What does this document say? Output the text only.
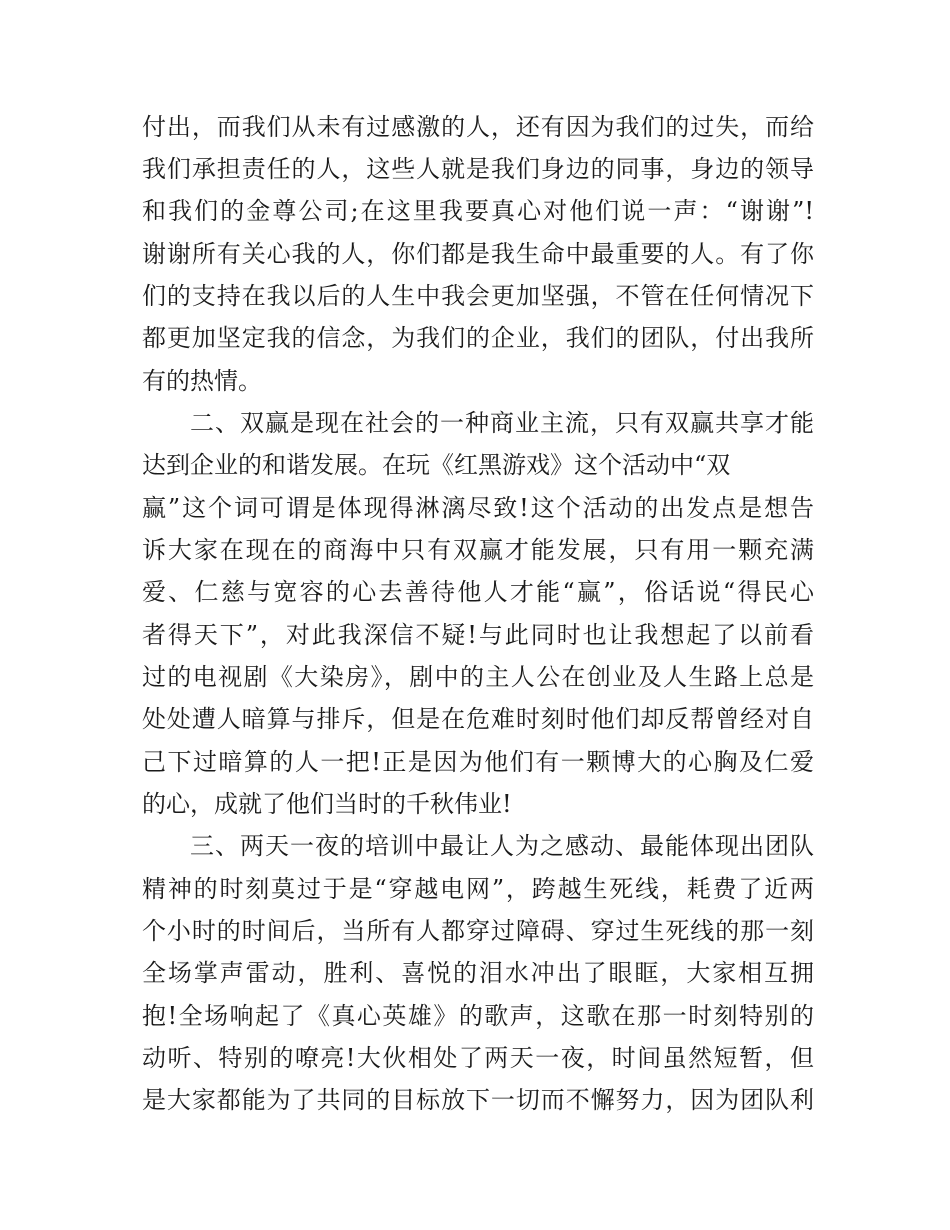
付出，而我们从未有过感激的人，还有因为我们的过失，而给
我们承担责任的人，这些人就是我们身边的同事，身边的领导
和我们的金尊公司;在这里我要真心对他们说一声：“谢谢”!
谢谢所有关心我的人，你们都是我生命中最重要的人。有了你
们的支持在我以后的人生中我会更加坚强，不管在任何情况下
都更加坚定我的信念，为我们的企业，我们的团队，付出我所
有的热情。
二、双赢是现在社会的一种商业主流，只有双赢共享才能
达到企业的和谐发展。在玩《红黑游戏》这个活动中“双
赢”这个词可谓是体现得淋漓尽致!这个活动的出发点是想告
诉大家在现在的商海中只有双赢才能发展，只有用一颗充满
爱、仁慈与宽容的心去善待他人才能“赢”，俗话说“得民心
者得天下”，对此我深信不疑!与此同时也让我想起了以前看
过的电视剧《大染房》，剧中的主人公在创业及人生路上总是
处处遭人暗算与排斥，但是在危难时刻时他们却反帮曾经对自
己下过暗算的人一把!正是因为他们有一颗博大的心胸及仁爱
的心，成就了他们当时的千秋伟业!
三、两天一夜的培训中最让人为之感动、最能体现出团队
精神的时刻莫过于是“穿越电网”，跨越生死线，耗费了近两
个小时的时间后，当所有人都穿过障碍、穿过生死线的那一刻
全场掌声雷动，胜利、喜悦的泪水冲出了眼眶，大家相互拥
抱!全场响起了《真心英雄》的歌声，这歌在那一时刻特别的
动听、特别的嘹亮!大伙相处了两天一夜，时间虽然短暂，但
是大家都能为了共同的目标放下一切而不懈努力，因为团队利
